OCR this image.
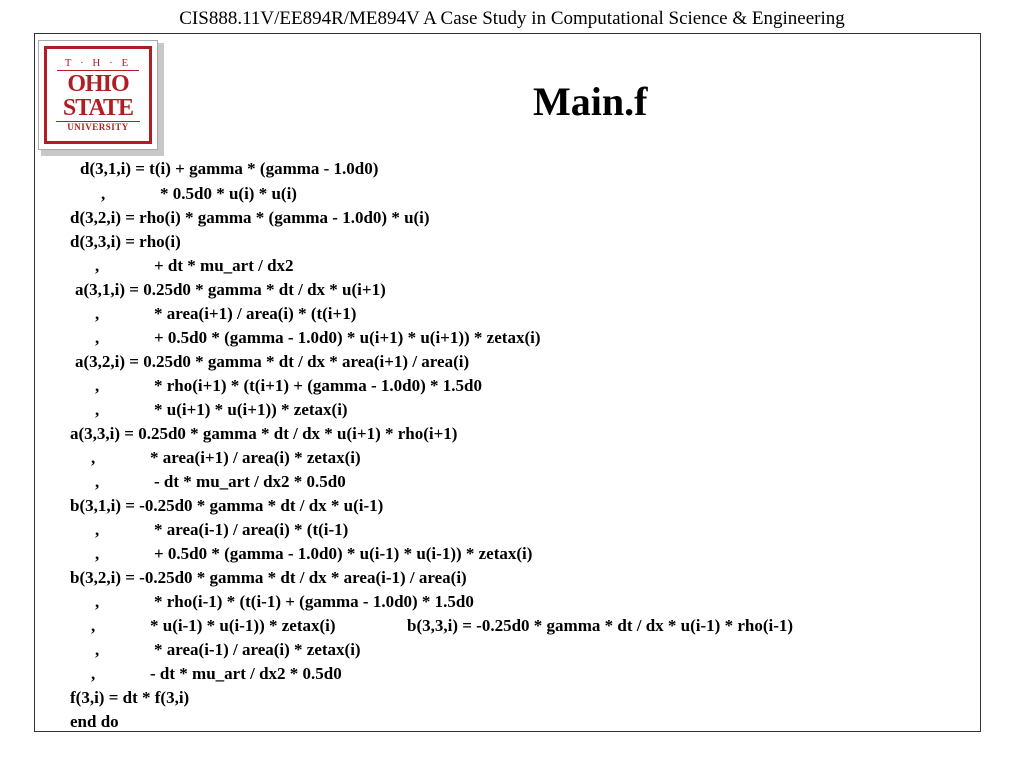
CIS888.11V/EE894R/ME894V A Case Study in Computational Science & Engineering
T · H · E
OHIO
STATE
UNIVERSITY
Main.f
d(3,1,i) = t(i) + gamma * (gamma - 1.0d0)
,	* 0.5d0 * u(i) * u(i)
d(3,2,i) = rho(i) * gamma * (gamma - 1.0d0) * u(i)
d(3,3,i) = rho(i)
,	+ dt * mu_art / dx2
a(3,1,i) = 0.25d0 * gamma * dt / dx * u(i+1)
,	* area(i+1) / area(i) * (t(i+1)
,	+ 0.5d0 * (gamma - 1.0d0) * u(i+1) * u(i+1)) * zetax(i)
a(3,2,i) = 0.25d0 * gamma * dt / dx * area(i+1) / area(i)
,	* rho(i+1) * (t(i+1) + (gamma - 1.0d0) * 1.5d0
,	* u(i+1) * u(i+1)) * zetax(i)
a(3,3,i) = 0.25d0 * gamma * dt / dx * u(i+1) * rho(i+1)
,	* area(i+1) / area(i) * zetax(i)
,	- dt * mu_art / dx2 * 0.5d0
b(3,1,i) = -0.25d0 * gamma * dt / dx * u(i-1)
,	* area(i-1) / area(i) * (t(i-1)
,	+ 0.5d0 * (gamma - 1.0d0) * u(i-1) * u(i-1)) * zetax(i)
b(3,2,i) = -0.25d0 * gamma * dt / dx * area(i-1) / area(i)
,	* rho(i-1) * (t(i-1) + (gamma - 1.0d0) * 1.5d0
,	* u(i-1) * u(i-1)) * zetax(i)	b(3,3,i) = -0.25d0 * gamma * dt / dx * u(i-1) * rho(i-1)
,	* area(i-1) / area(i) * zetax(i)
,	- dt * mu_art / dx2 * 0.5d0
f(3,i) = dt * f(3,i)
end do
